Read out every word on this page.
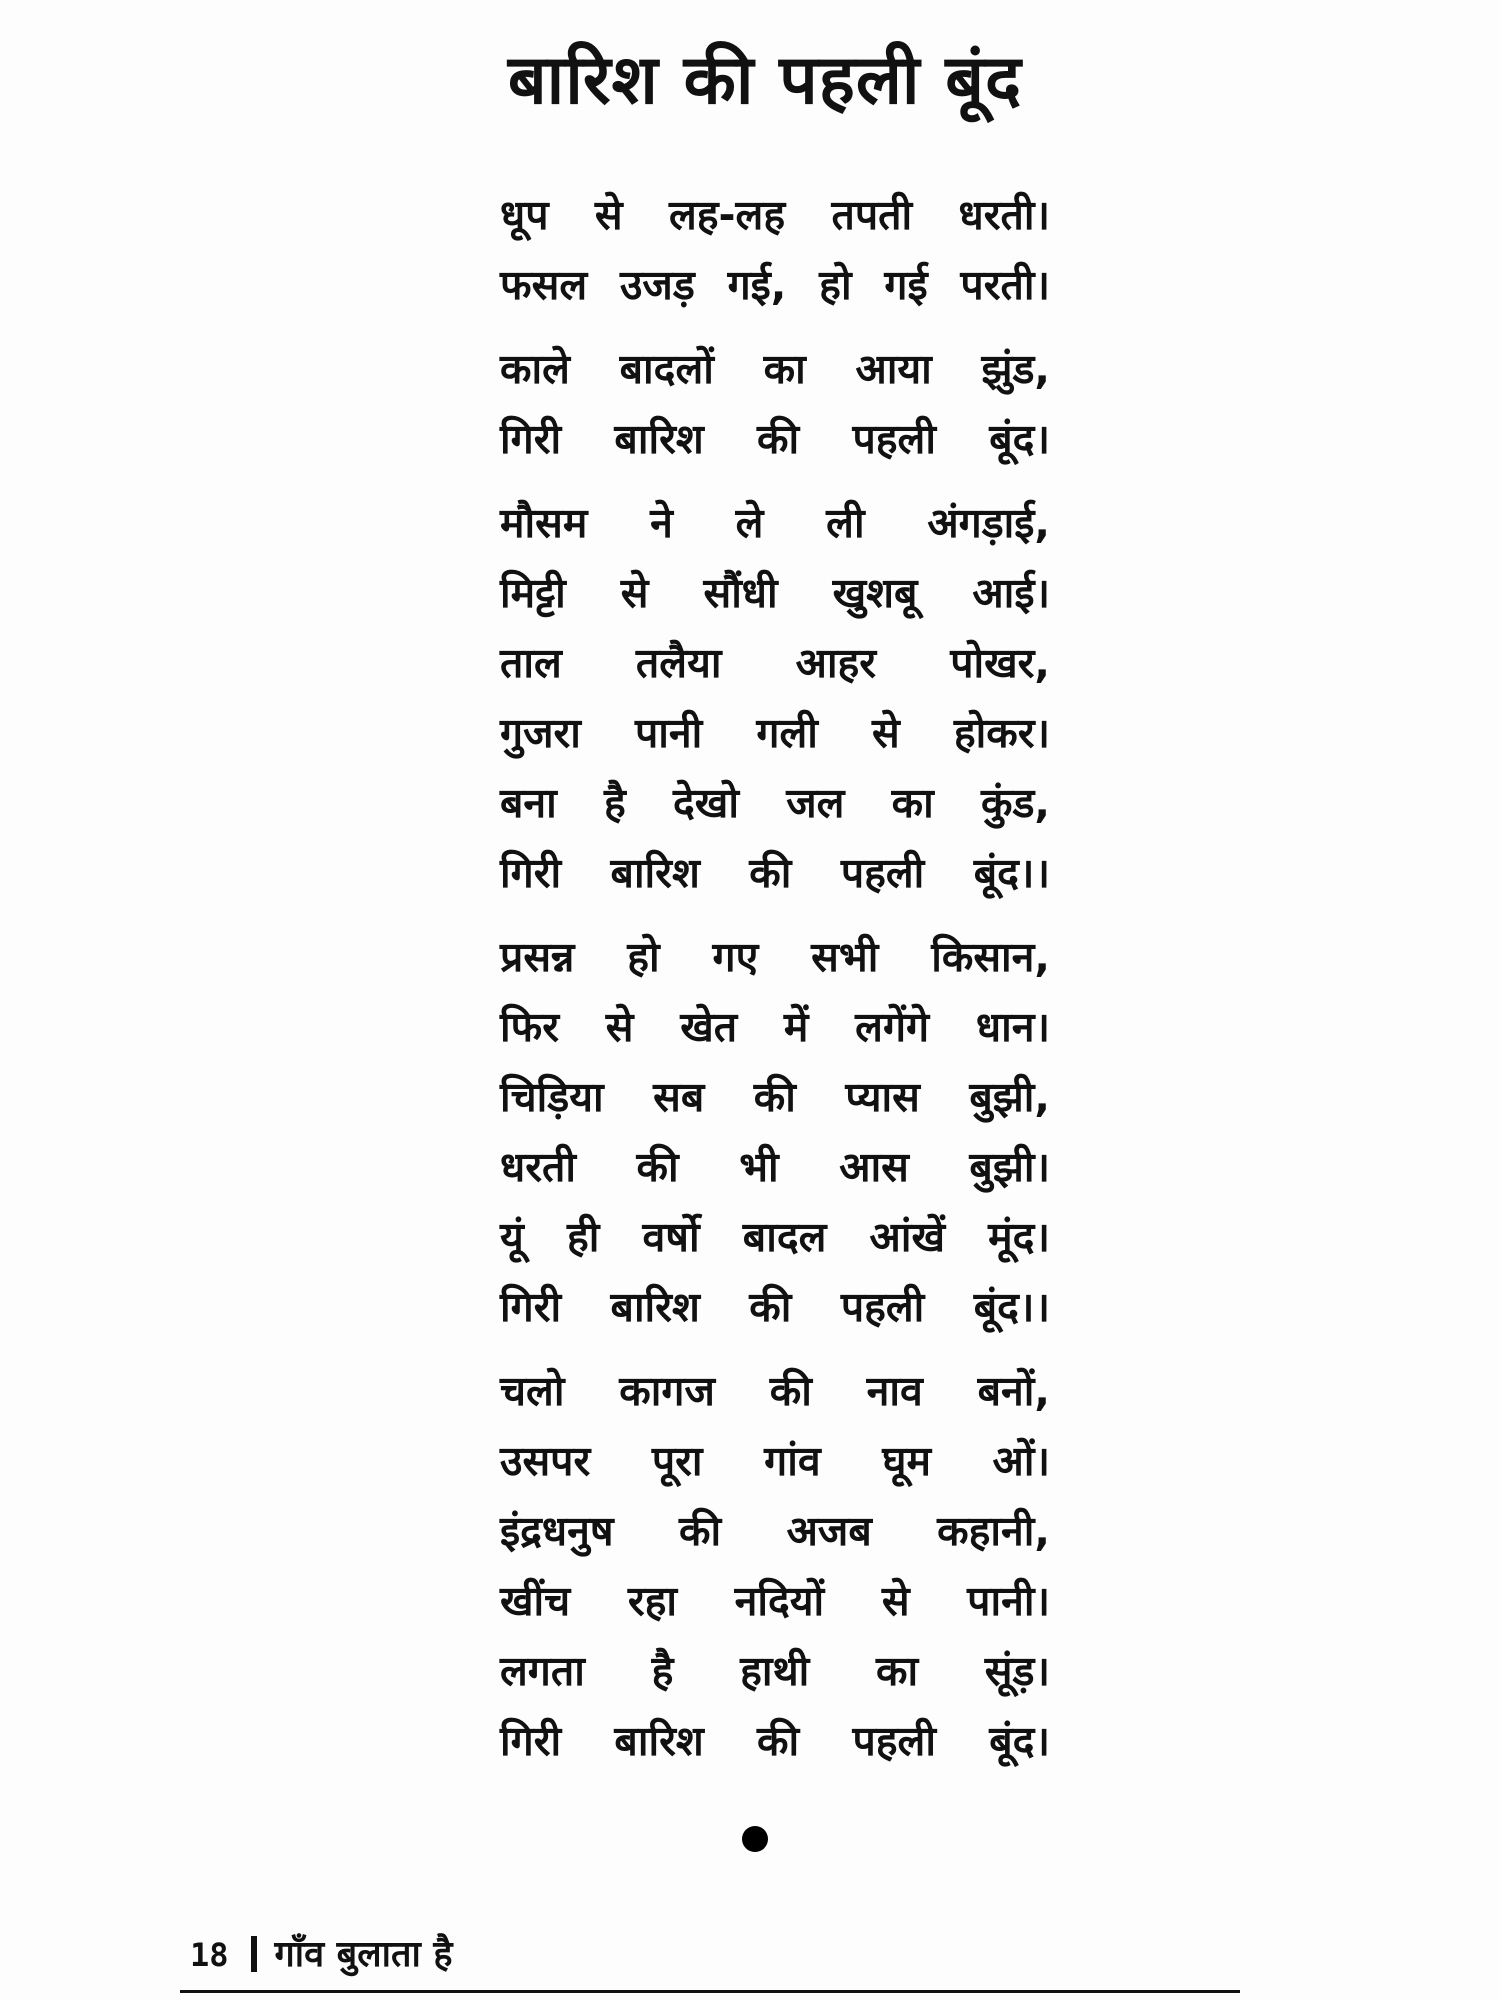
बारिश की पहली बूंद
धूप से लह-लह तपती धरती।
फसल उजड़ गई, हो गई परती।
काले बादलों का आया झुंड,
गिरी बारिश की पहली बूंद।
मौसम ने ले ली अंगड़ाई,
मिट्टी से सौंधी खुशबू आई।
ताल तलैया आहर पोखर,
गुजरा पानी गली से होकर।
बना है देखो जल का कुंड,
गिरी बारिश की पहली बूंद।।
प्रसन्न हो गए सभी किसान,
फिर से खेत में लगेंगे धान।
चिड़िया सब की प्यास बुझी,
धरती की भी आस बुझी।
यूं ही वर्षो बादल आंखें मूंद।
गिरी बारिश की पहली बूंद।।
चलो कागज की नाव बनों,
उसपर पूरा गांव घूम ओं।
इंद्रधनुष की अजब कहानी,
खींच रहा नदियों से पानी।
लगता है हाथी का सूंड़।
गिरी बारिश की पहली बूंद।
18 गाँव बुलाता है
